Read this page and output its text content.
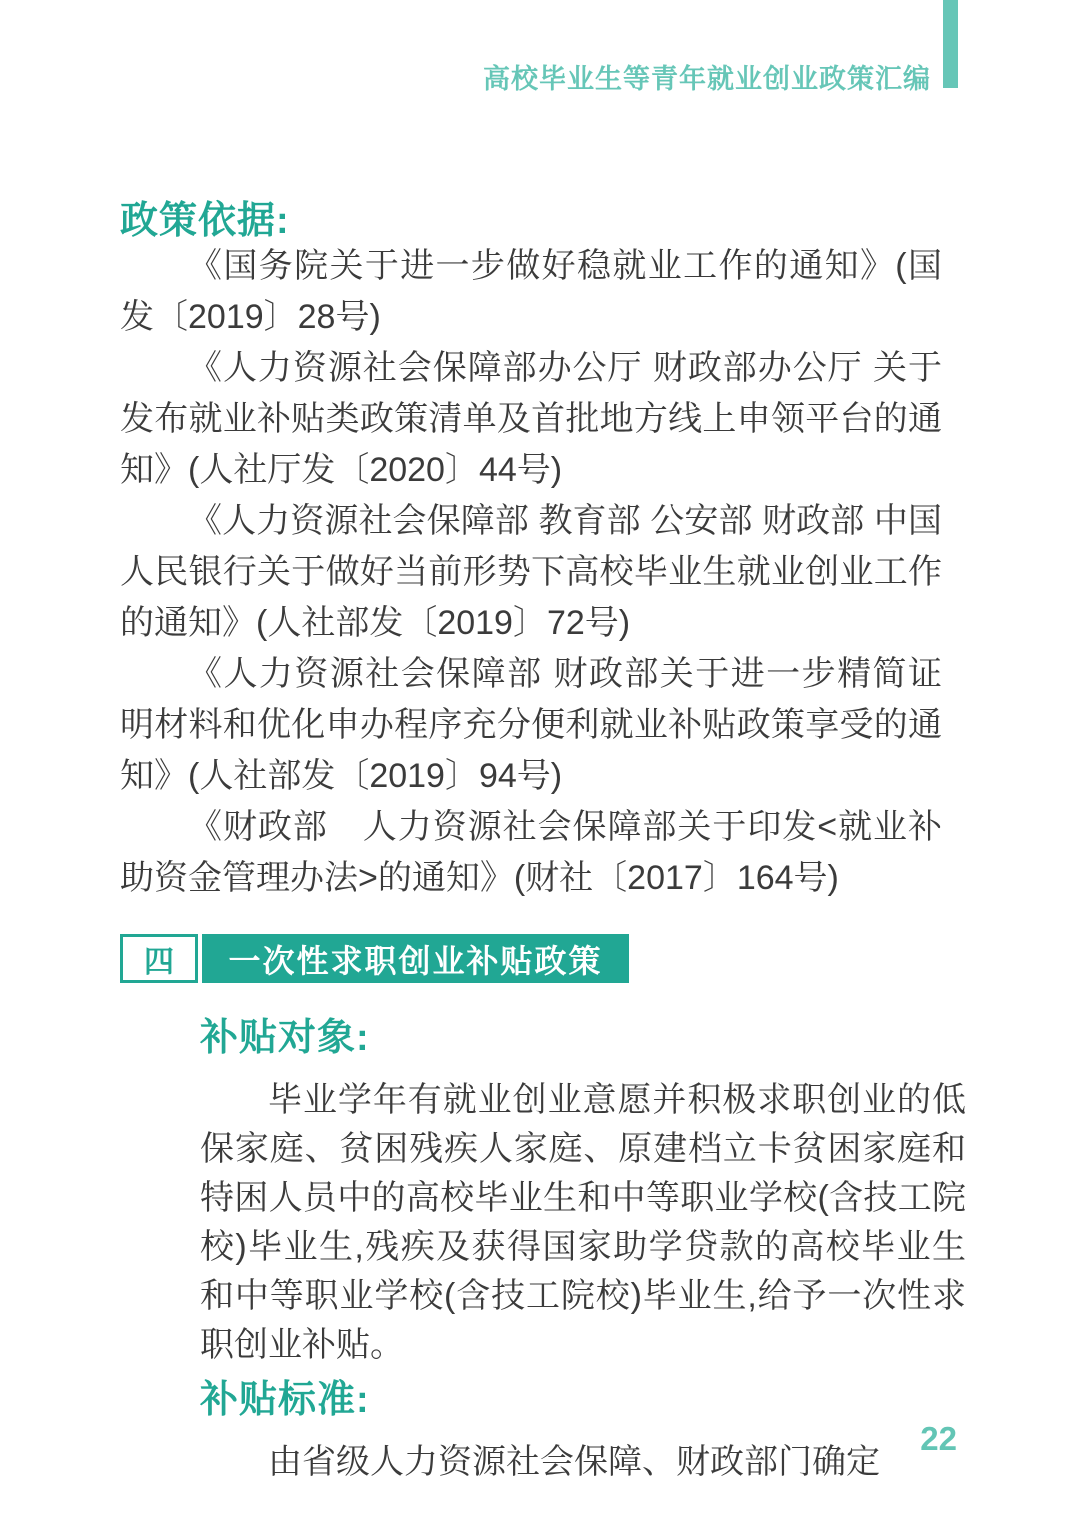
高校毕业生等青年就业创业政策汇编
政策依据:

《国务院关于进一步做好稳就业工作的通知》(国发〔2019〕28号)

《人力资源社会保障部办公厅 财政部办公厅 关于发布就业补贴类政策清单及首批地方线上申领平台的通知》(人社厅发〔2020〕44号)

《人力资源社会保障部 教育部 公安部 财政部 中国人民银行关于做好当前形势下高校毕业生就业创业工作的通知》(人社部发〔2019〕72号)

《人力资源社会保障部 财政部关于进一步精简证明材料和优化申办程序充分便利就业补贴政策享受的通知》(人社部发〔2019〕94号)

《财政部　人力资源社会保障部关于印发<就业补助资金管理办法>的通知》(财社〔2017〕164号)

四	一次性求职创业补贴政策
补贴对象:

毕业学年有就业创业意愿并积极求职创业的低保家庭、贫困残疾人家庭、原建档立卡贫困家庭和特困人员中的高校毕业生和中等职业学校(含技工院校)毕业生,残疾及获得国家助学贷款的高校毕业生和中等职业学校(含技工院校)毕业生,给予一次性求职创业补贴。

补贴标准:

由省级人力资源社会保障、财政部门确定

22
